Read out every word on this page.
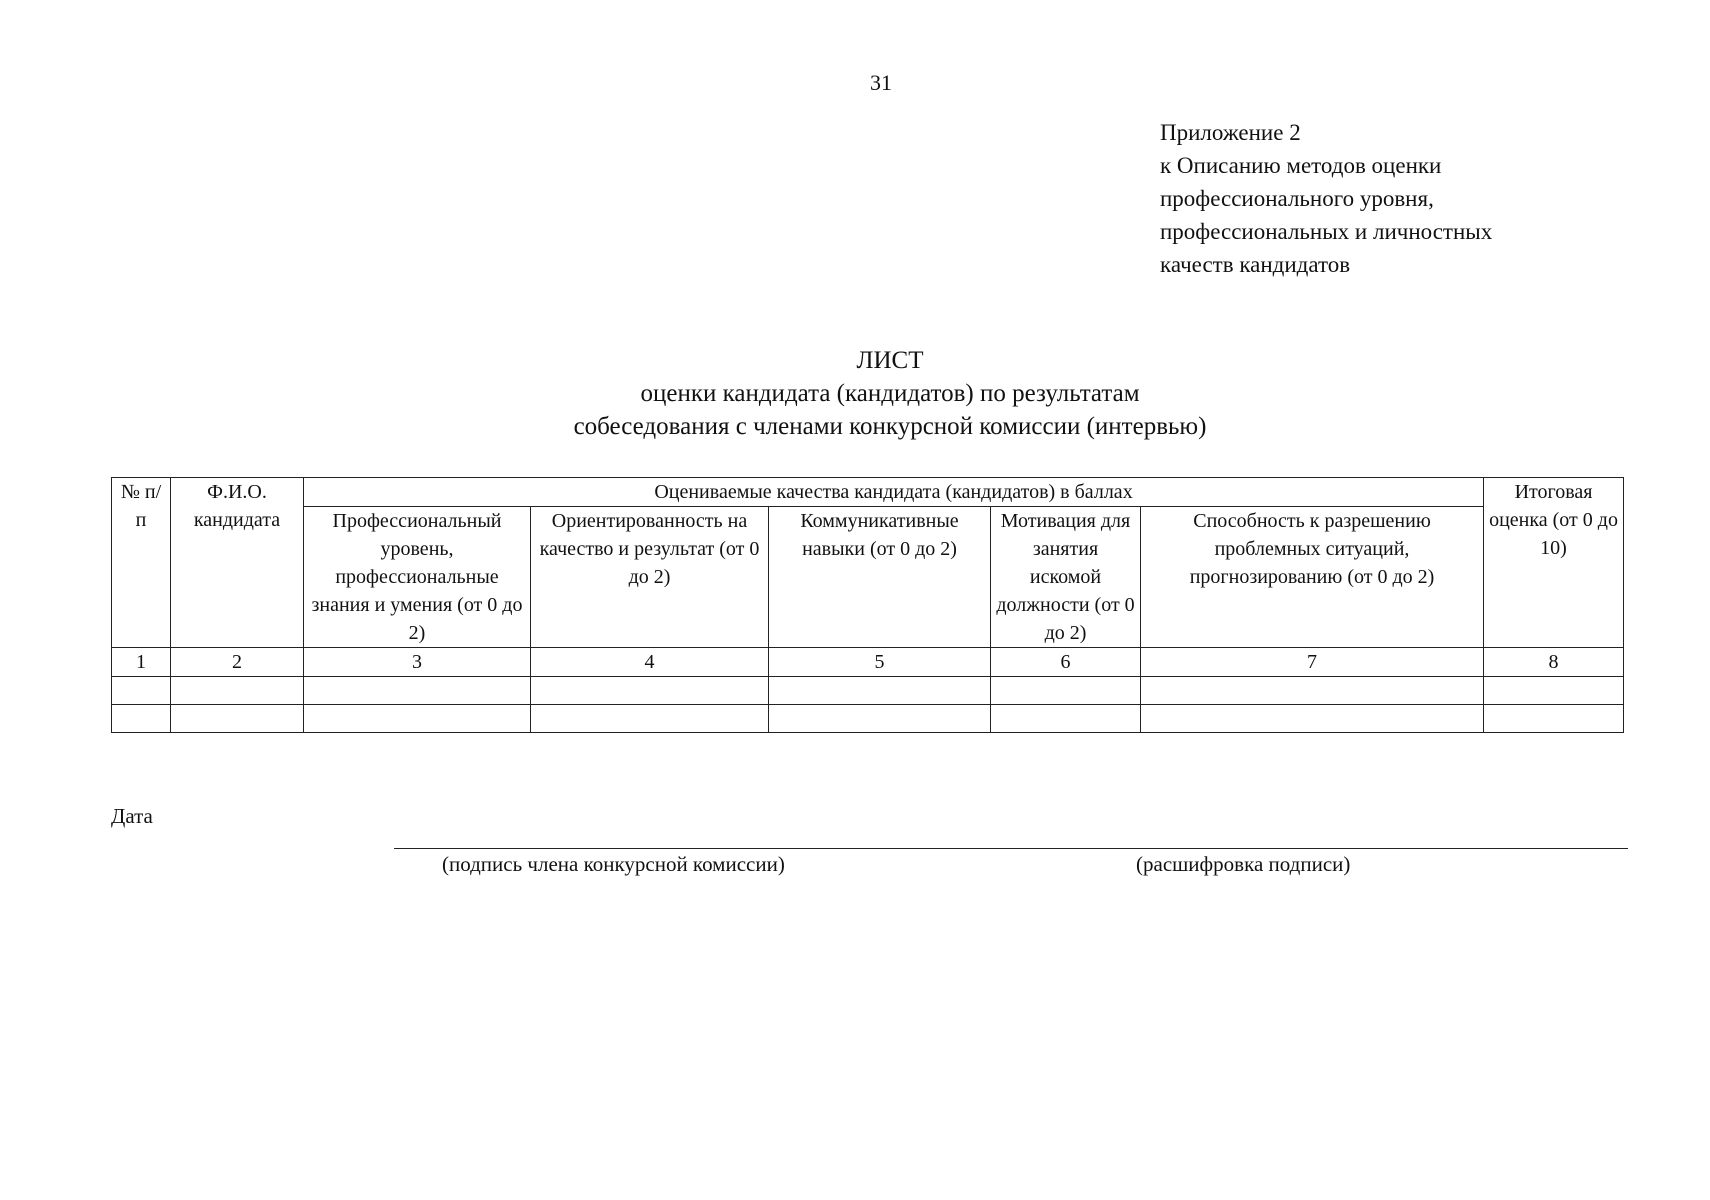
31
Приложение 2
к Описанию методов оценки
профессионального уровня,
профессиональных и личностных
качеств кандидатов
ЛИСТ
оценки кандидата (кандидатов) по результатам
собеседования с членами конкурсной комиссии (интервью)
№ п/п	Ф.И.О. кандидата	Оцениваемые качества кандидата (кандидатов) в баллах					Итоговая оценка (от 0 до 10)
		Профессиональный уровень, профессиональные знания и умения (от 0 до 2)	Ориентированность на качество и результат (от 0 до 2)	Коммуникативные навыки (от 0 до 2)	Мотивация для занятия искомой должности (от 0 до 2)	Способность к разрешению проблемных ситуаций, прогнозированию (от 0 до 2)	
1	2	3	4	5	6	7	8

Дата
(подпись члена конкурсной комиссии)	(расшифровка подписи)
